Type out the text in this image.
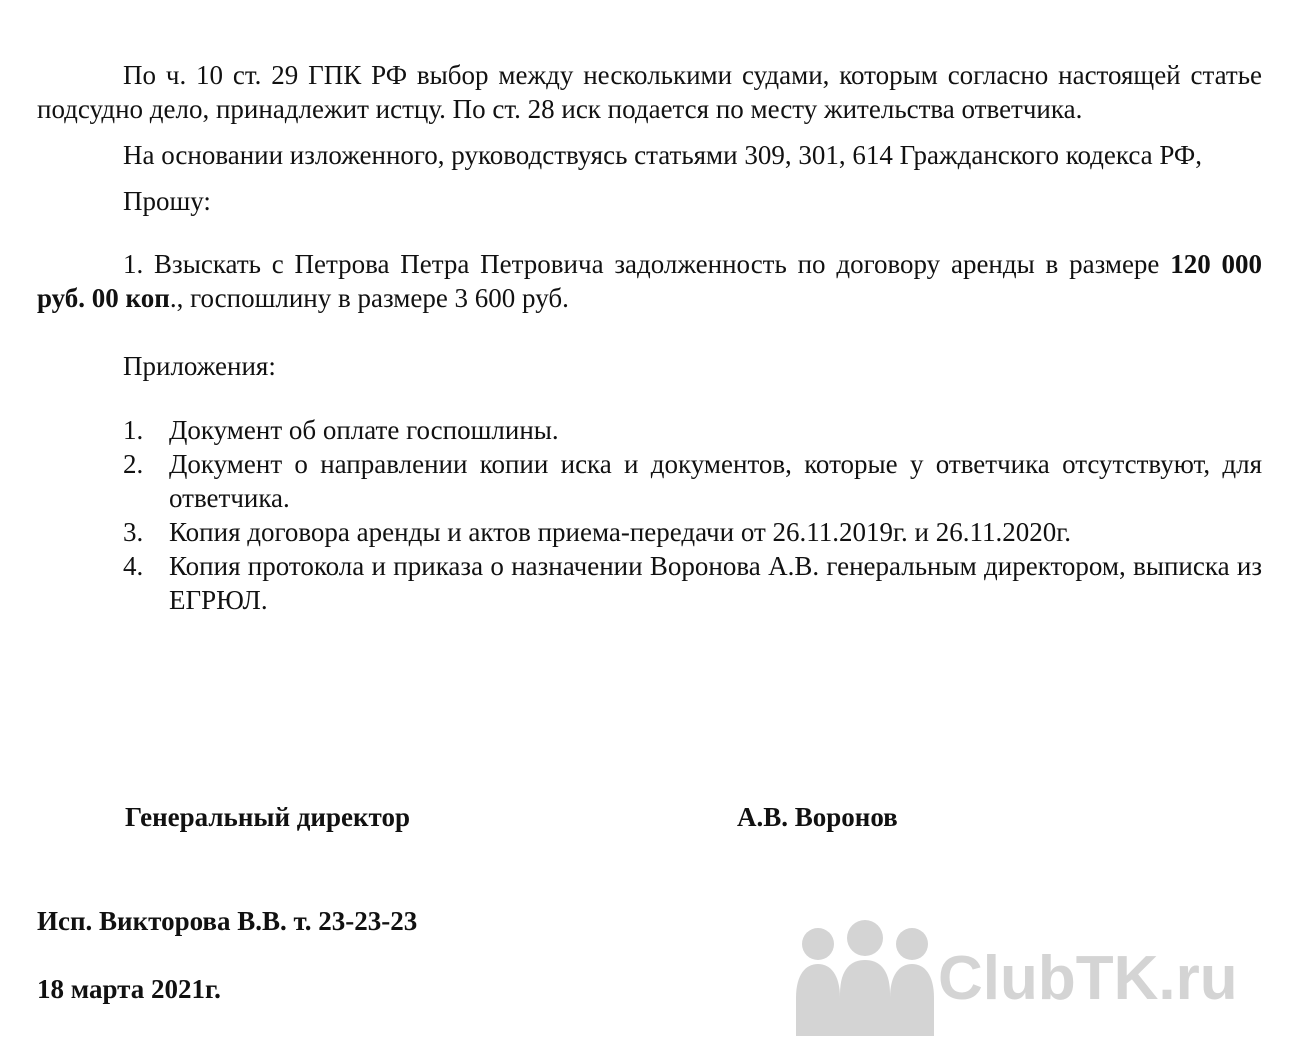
По ч. 10 ст. 29 ГПК РФ выбор между несколькими судами, которым согласно настоящей статье подсудно дело, принадлежит истцу. По ст. 28 иск подается по месту жительства ответчика.

На основании изложенного, руководствуясь статьями 309, 301, 614 Гражданского кодекса РФ,

Прошу:

1. Взыскать с Петрова Петра Петровича задолженность по договору аренды в размере 120 000 руб. 00 коп., госпошлину в размере 3 600 руб.

Приложения:

1. Документ об оплате госпошлины.
2. Документ о направлении копии иска и документов, которые у ответчика отсутствуют, для ответчика.
3. Копия договора аренды и актов приема-передачи от 26.11.2019г. и 26.11.2020г.
4. Копия протокола и приказа о назначении Воронова А.В. генеральным директором, выписка из ЕГРЮЛ.
Генеральный директор	А.В. Воронов
Исп. Викторова В.В. т. 23-23-23
18 марта 2021г.	ClubTK.ru
